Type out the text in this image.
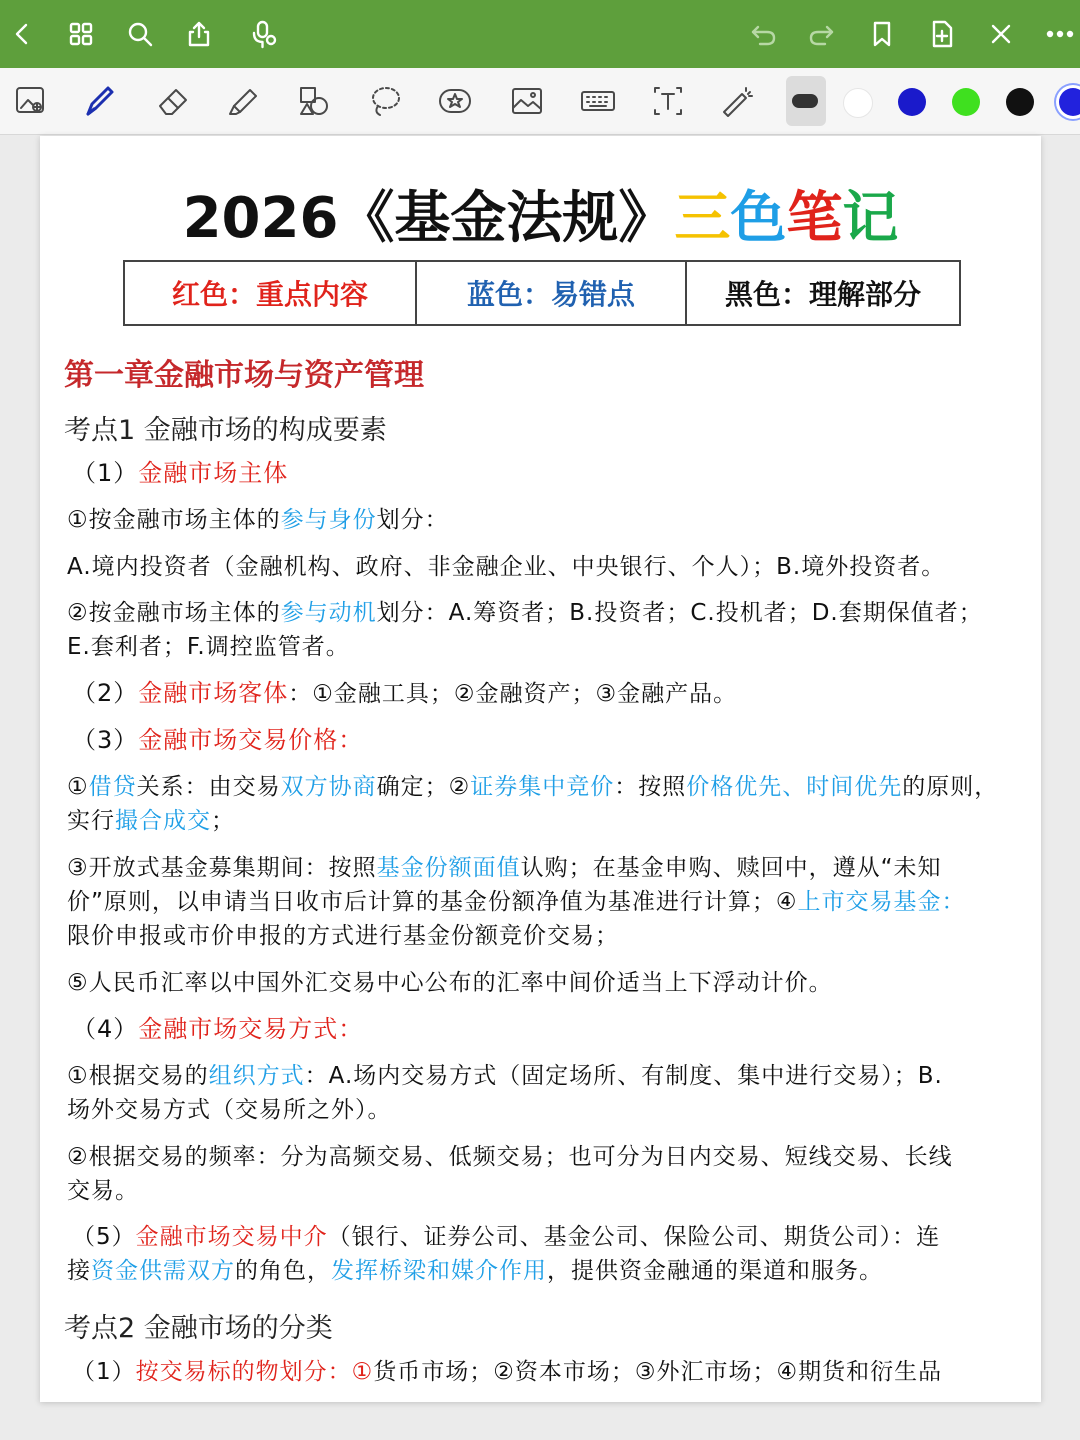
2026《基金法规》三色笔记
红色： 重点内容	蓝色： 易错点	黑色： 理解部分
第一章金融市场与资产管理
考点1 金融市场的构成要素
（1）金融市场主体
①按金融市场主体的参与身份划分：
A.境内投资者（金融机构、政府、非金融企业、中央银行、个人）；B.境外投资者。
②按金融市场主体的参与动机划分：A.筹资者；B.投资者；C.投机者；D.套期保值者；
E.套利者；F.调控监管者。
（2）金融市场客体：①金融工具；②金融资产；③金融产品。
（3）金融市场交易价格：
①借贷关系：由交易双方协商确定；②证券集中竞价：按照价格优先、时间优先的原则，
实行撮合成交；
③开放式基金募集期间：按照基金份额面值认购；在基金申购、赎回中，遵从“未知
价”原则，以申请当日收市后计算的基金份额净值为基准进行计算；④上市交易基金：
限价申报或市价申报的方式进行基金份额竞价交易；
⑤人民币汇率以中国外汇交易中心公布的汇率中间价适当上下浮动计价。
（4）金融市场交易方式：
①根据交易的组织方式：A.场内交易方式（固定场所、有制度、集中进行交易）；B.
场外交易方式（交易所之外）。
②根据交易的频率：分为高频交易、低频交易；也可分为日内交易、短线交易、长线
交易。
（5）金融市场交易中介（银行、证券公司、基金公司、保险公司、期货公司）：连
接资金供需双方的角色，发挥桥梁和媒介作用，提供资金融通的渠道和服务。
考点2 金融市场的分类
（1）按交易标的物划分：①货币市场；②资本市场；③外汇市场；④期货和衍生品
